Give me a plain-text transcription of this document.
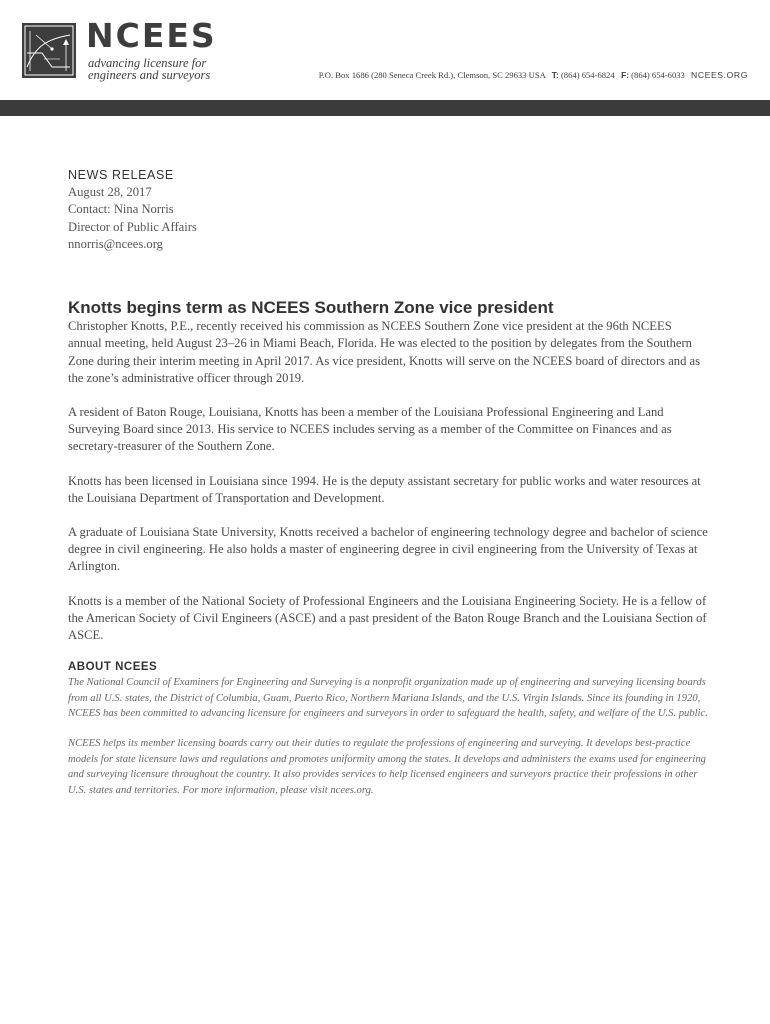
NCEES
advancing licensure for
engineers and surveyors	P.O. Box 1686 (280 Seneca Creek Rd.), Clemson, SC 29633 USA T: (864) 654-6824 F: (864) 654-6033 NCEES.ORG

NEWS RELEASE

August 28, 2017

Contact: Nina Norris

Director of Public Affairs

nnorris@ncees.org

Knotts begins term as NCEES Southern Zone vice president

Christopher Knotts, P.E., recently received his commission as NCEES Southern Zone vice president at the 96th NCEES annual meeting, held August 23–26 in Miami Beach, Florida. He was elected to the position by delegates from the Southern Zone during their interim meeting in April 2017. As vice president, Knotts will serve on the NCEES board of directors and as the zone’s administrative officer through 2019.

A resident of Baton Rouge, Louisiana, Knotts has been a member of the Louisiana Professional Engineering and Land Surveying Board since 2013. His service to NCEES includes serving as a member of the Committee on Finances and as secretary-treasurer of the Southern Zone.

Knotts has been licensed in Louisiana since 1994. He is the deputy assistant secretary for public works and water resources at the Louisiana Department of Transportation and Development.

A graduate of Louisiana State University, Knotts received a bachelor of engineering technology degree and bachelor of science degree in civil engineering. He also holds a master of engineering degree in civil engineering from the University of Texas at Arlington.

Knotts is a member of the National Society of Professional Engineers and the Louisiana Engineering Society. He is a fellow of the American Society of Civil Engineers (ASCE) and a past president of the Baton Rouge Branch and the Louisiana Section of ASCE.

ABOUT NCEES

The National Council of Examiners for Engineering and Surveying is a nonprofit organization made up of engineering and surveying licensing boards from all U.S. states, the District of Columbia, Guam, Puerto Rico, Northern Mariana Islands, and the U.S. Virgin Islands. Since its founding in 1920, NCEES has been committed to advancing licensure for engineers and surveyors in order to safeguard the health, safety, and welfare of the U.S. public.

NCEES helps its member licensing boards carry out their duties to regulate the professions of engineering and surveying. It develops best-practice models for state licensure laws and regulations and promotes uniformity among the states. It develops and administers the exams used for engineering and surveying licensure throughout the country. It also provides services to help licensed engineers and surveyors practice their professions in other U.S. states and territories. For more information, please visit ncees.org.
